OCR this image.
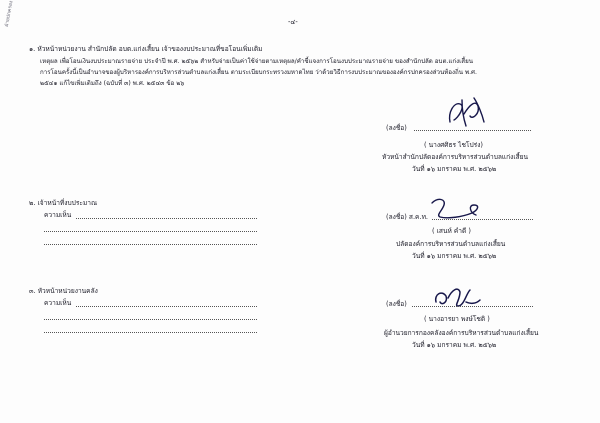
-๔-
ฝ่ายปกครอง
๑. หัวหน้าหน่วยงาน สำนักปลัด อบต.แก่งเสี้ยน เจ้าของงบประมาณที่ขอโอนเพิ่มเติม
เหตุผล เพื่อโอนเงินงบประมาณรายจ่าย ประจำปี พ.ศ. ๒๕๖๒ สำหรับจ่ายเป็นค่าใช้จ่ายตามเหตุผล/คำชี้แจงการโอนงบประมาณรายจ่าย ของสำนักปลัด อบต.แก่งเสี้ยน
การโอนครั้งนี้เป็นอำนาจของผู้บริหารองค์การบริหารส่วนตำบลแก่งเสี้ยน ตามระเบียบกระทรวงมหาดไทย ว่าด้วยวิธีการงบประมาณขององค์กรปกครองส่วนท้องถิ่น พ.ศ.
๒๕๔๑ แก้ไขเพิ่มเติมถึง (ฉบับที่ ๓) พ.ศ. ๒๕๔๓ ข้อ ๒๖
(ลงชื่อ)
( นางศศิธร ไชโปร่ง)
หัวหน้าสำนักปลัดองค์การบริหารส่วนตำบลแก่งเสี้ยน
วันที่ ๑๖ มกราคม พ.ศ. ๒๕๖๒
๒. เจ้าหน้าที่งบประมาณ
ความเห็น	(ลงชื่อ) ส.ค.ท.
( เสนห์ คำดี )
ปลัดองค์การบริหารส่วนตำบลแก่งเสี้ยน
วันที่ ๑๖ มกราคม พ.ศ. ๒๕๖๒
๓. หัวหน้าหน่วยงานคลัง
ความเห็น	(ลงชื่อ)
( นางอารยา พงษ์โชติ )
ผู้อำนวยการกองคลังองค์การบริหารส่วนตำบลแก่งเสี้ยน
วันที่ ๑๖ มกราคม พ.ศ. ๒๕๖๒
